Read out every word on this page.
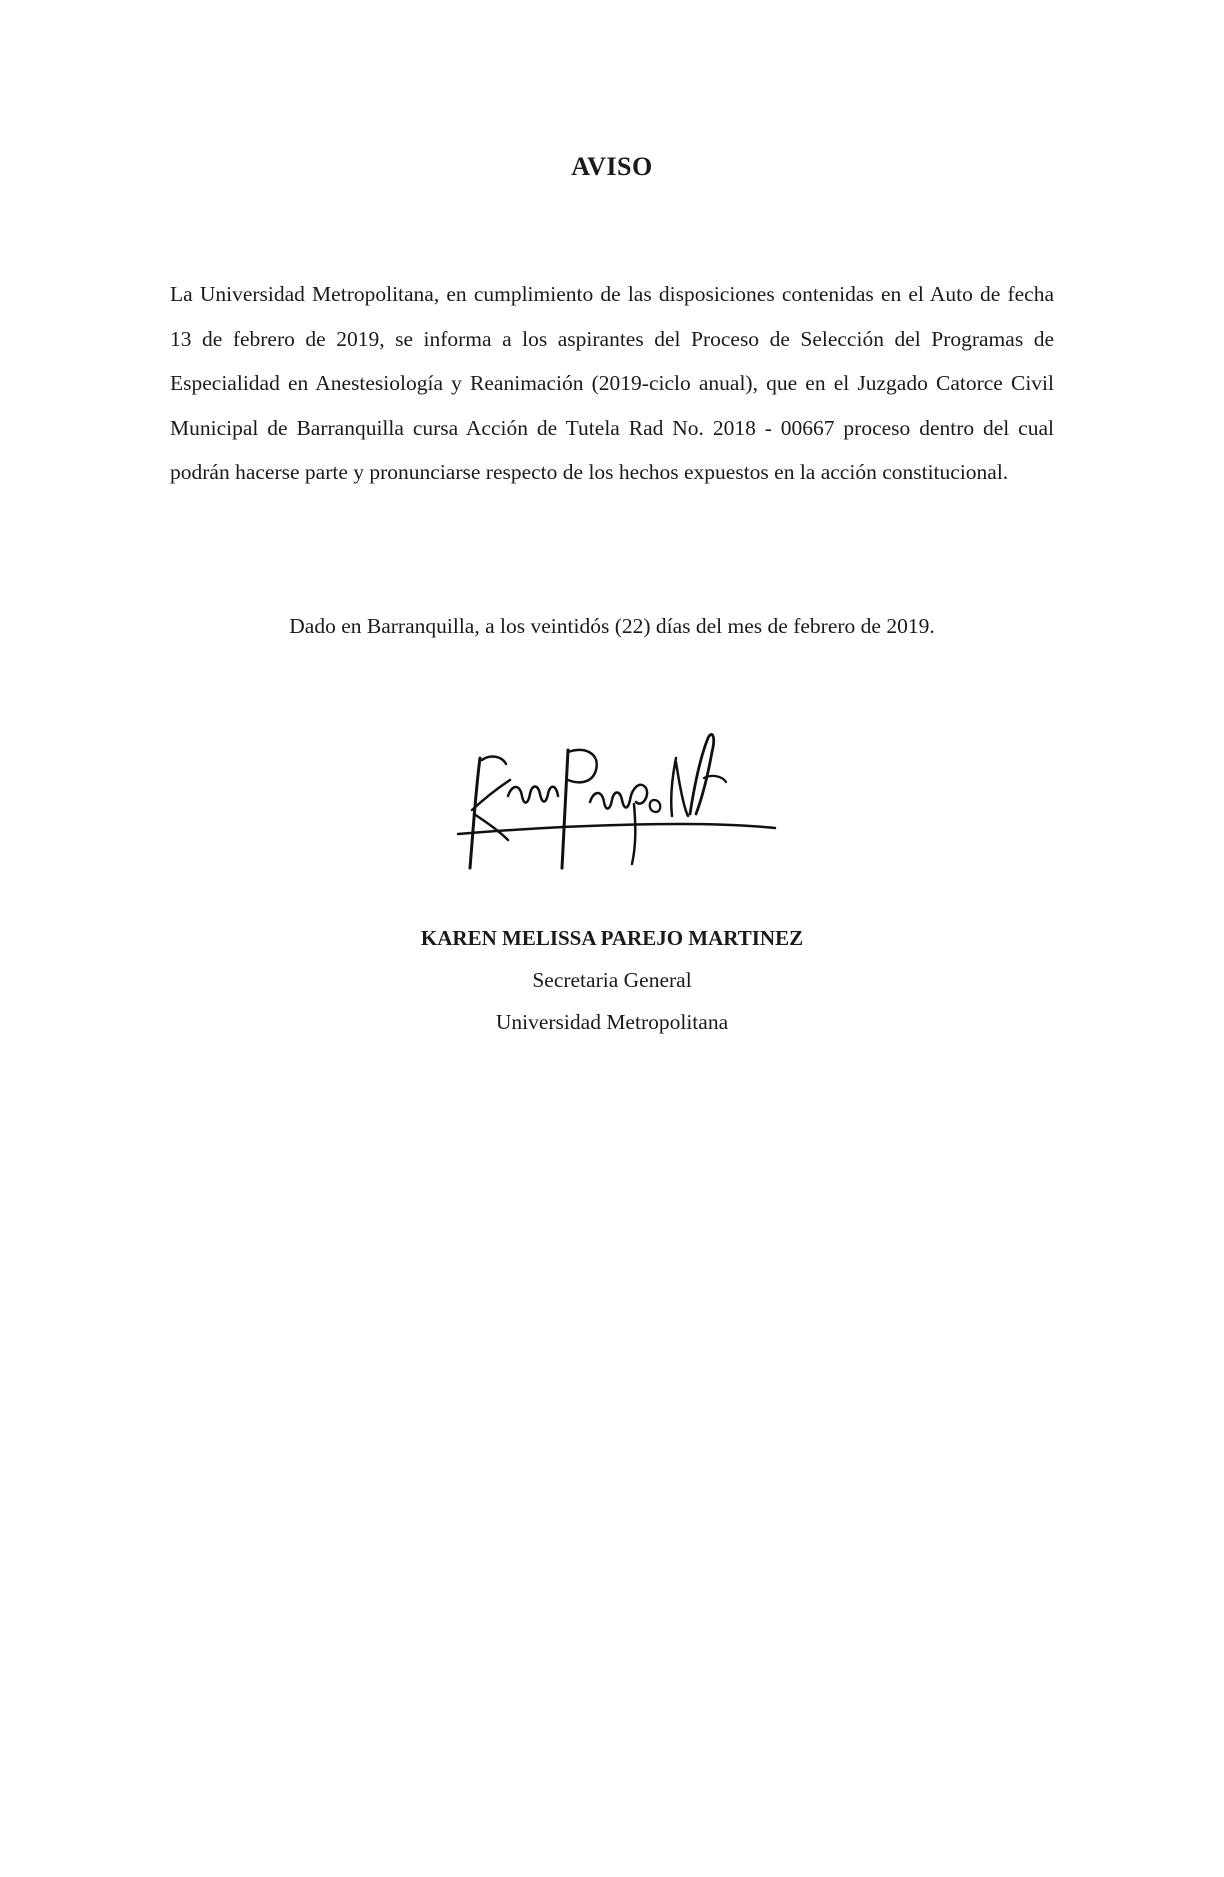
AVISO

La Universidad Metropolitana, en cumplimiento de las disposiciones contenidas en el Auto de fecha 13 de febrero de 2019, se informa a los aspirantes del Proceso de Selección del Programas de Especialidad en Anestesiología y Reanimación (2019-ciclo anual), que en el Juzgado Catorce Civil Municipal de Barranquilla cursa Acción de Tutela Rad No. 2018 - 00667 proceso dentro del cual podrán hacerse parte y pronunciarse respecto de los hechos expuestos en la acción constitucional.

Dado en Barranquilla, a los veintidós (22) días del mes de febrero de 2019.

KAREN MELISSA PAREJO MARTINEZ

Secretaria General

Universidad Metropolitana
